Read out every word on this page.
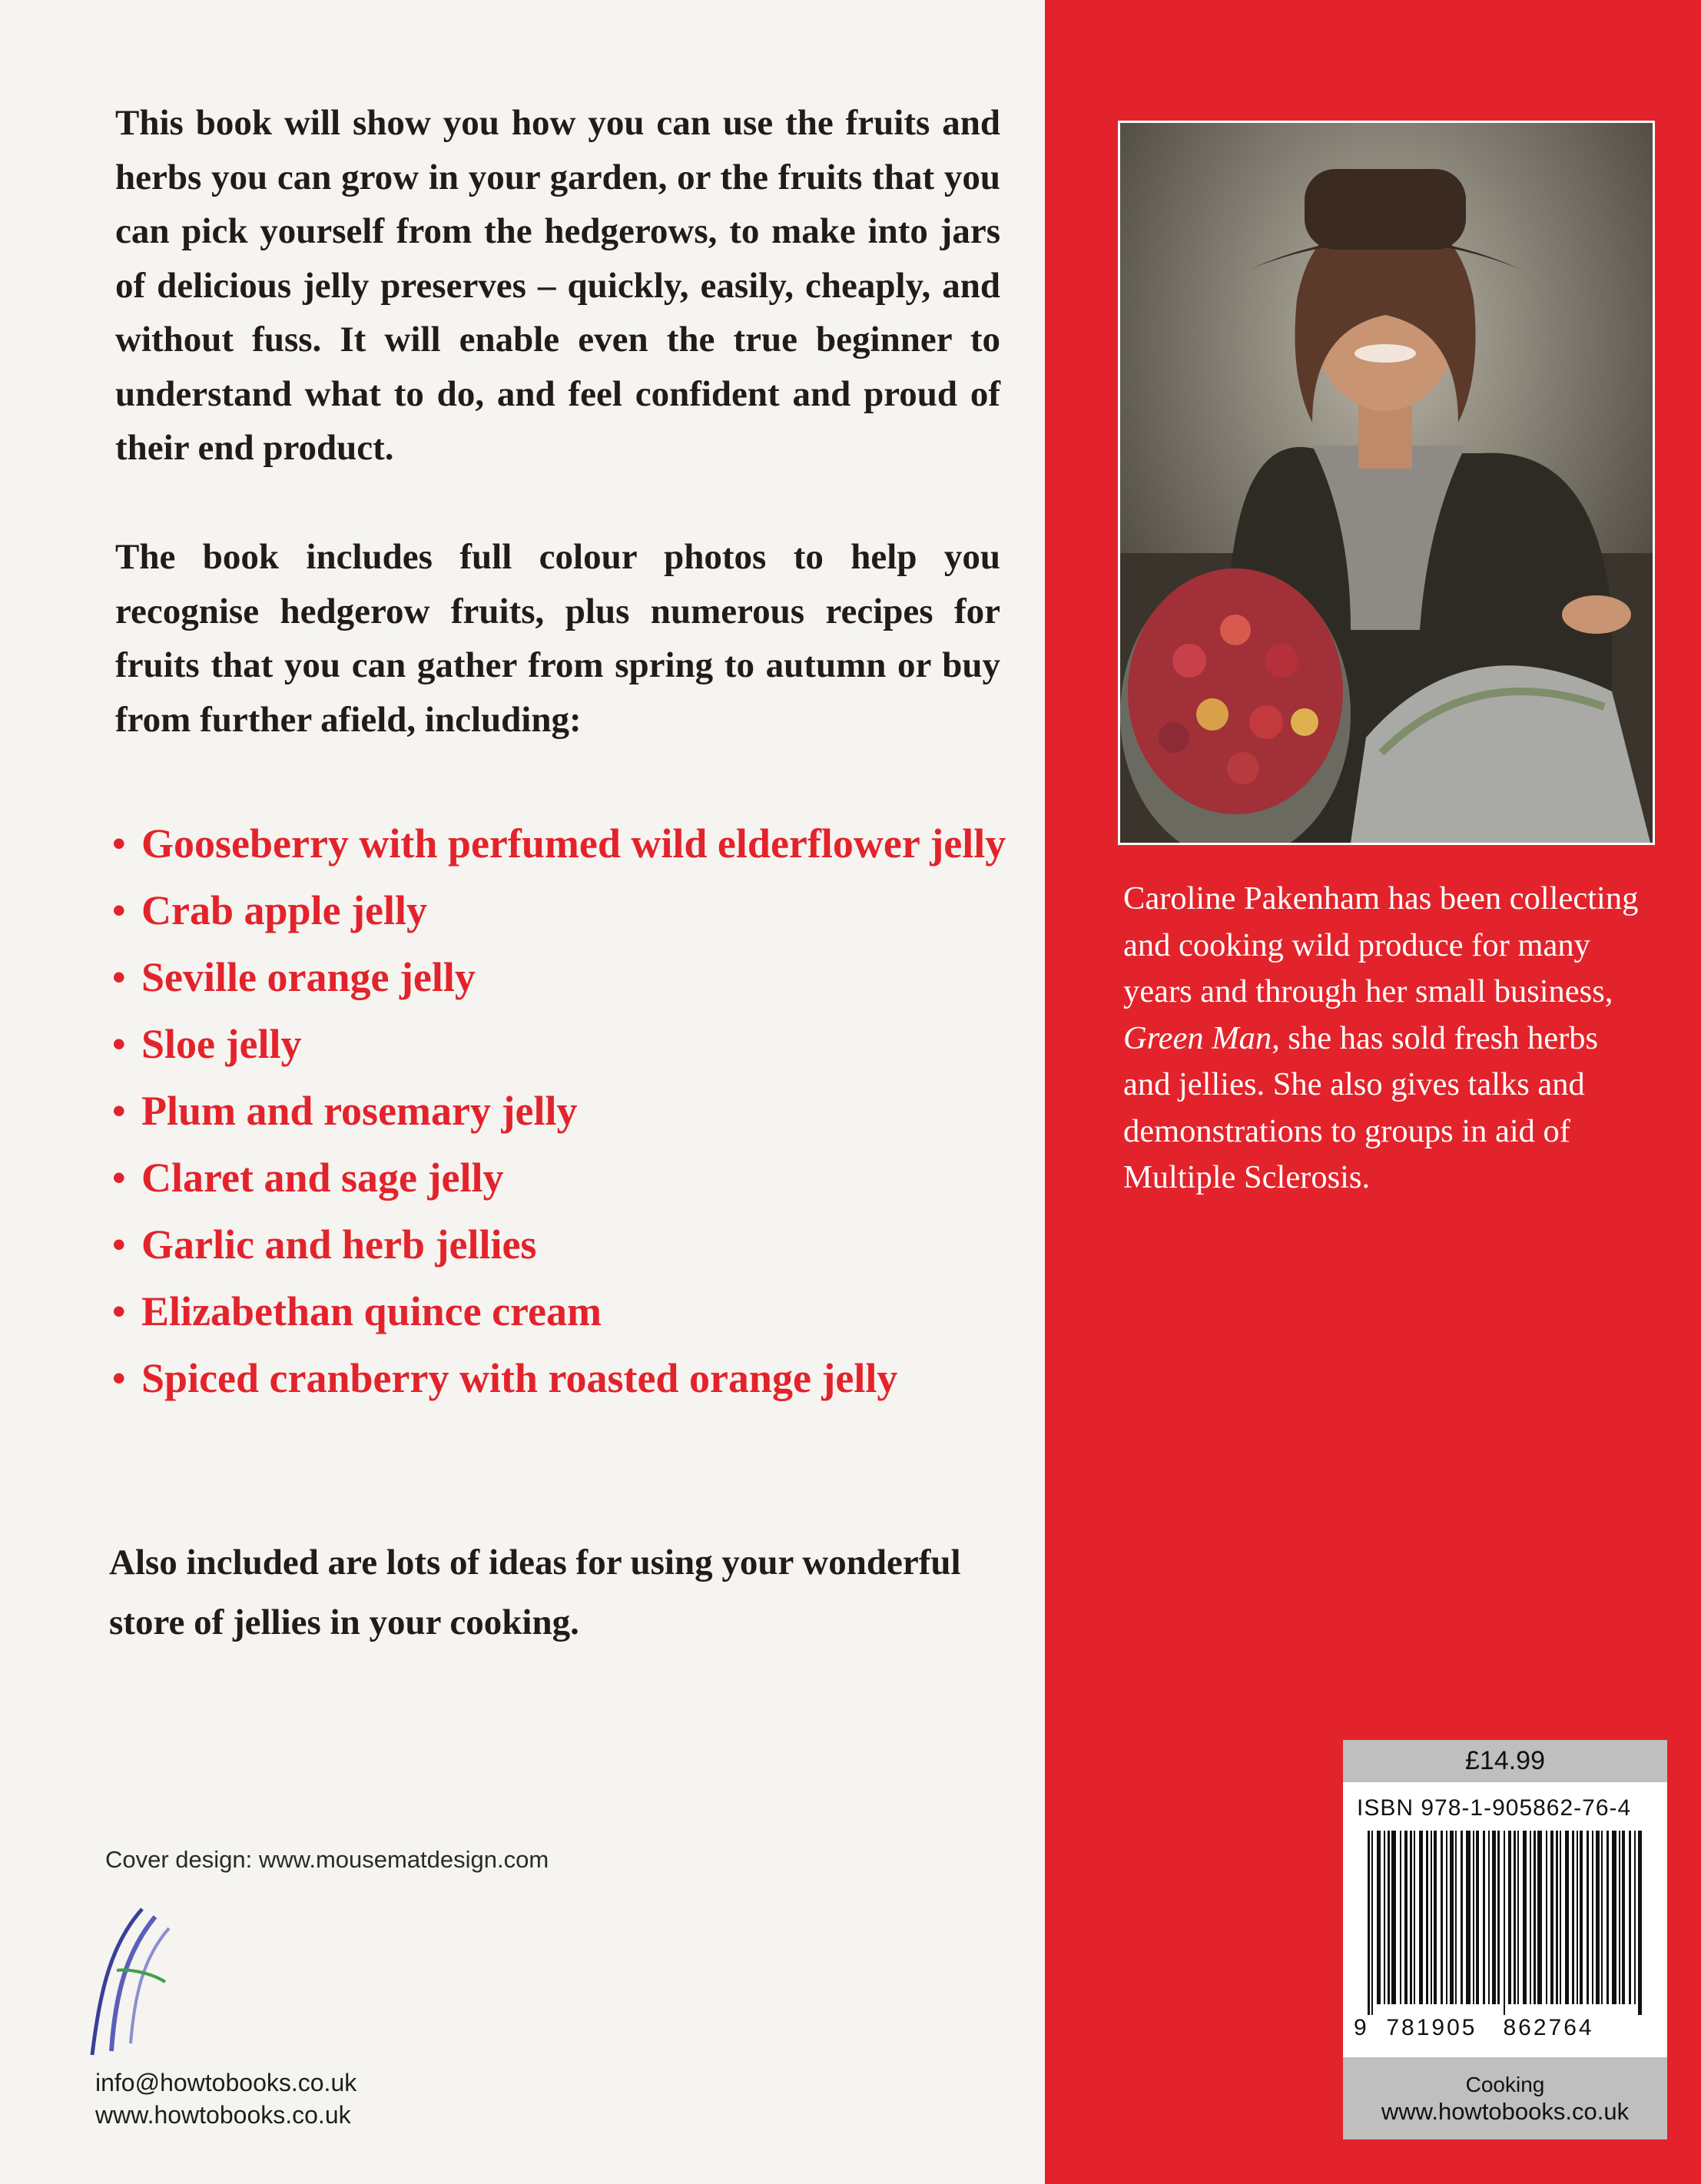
This book will show you how you can use the fruits and herbs you can grow in your garden, or the fruits that you can pick yourself from the hedgerows, to make into jars of delicious jelly preserves – quickly, easily, cheaply, and without fuss. It will enable even the true beginner to understand what to do, and feel confident and proud of their end product.

The book includes full colour photos to help you recognise hedgerow fruits, plus numerous recipes for fruits that you can gather from spring to autumn or buy from further afield, including:

• Gooseberry with perfumed wild elderflower jelly
• Crab apple jelly
• Seville orange jelly
• Sloe jelly
• Plum and rosemary jelly
• Claret and sage jelly
• Garlic and herb jellies
• Elizabethan quince cream
• Spiced cranberry with roasted orange jelly

Also included are lots of ideas for using your wonderful store of jellies in your cooking.

Cover design: www.mousematdesign.com
info@howtobooks.co.uk
www.howtobooks.co.uk

Caroline Pakenham has been collecting and cooking wild produce for many years and through her small business, Green Man, she has sold fresh herbs and jellies. She also gives talks and demonstrations to groups in aid of Multiple Sclerosis.

£14.99
ISBN 978-1-905862-76-4
9 781905 862764
Cooking
www.howtobooks.co.uk
